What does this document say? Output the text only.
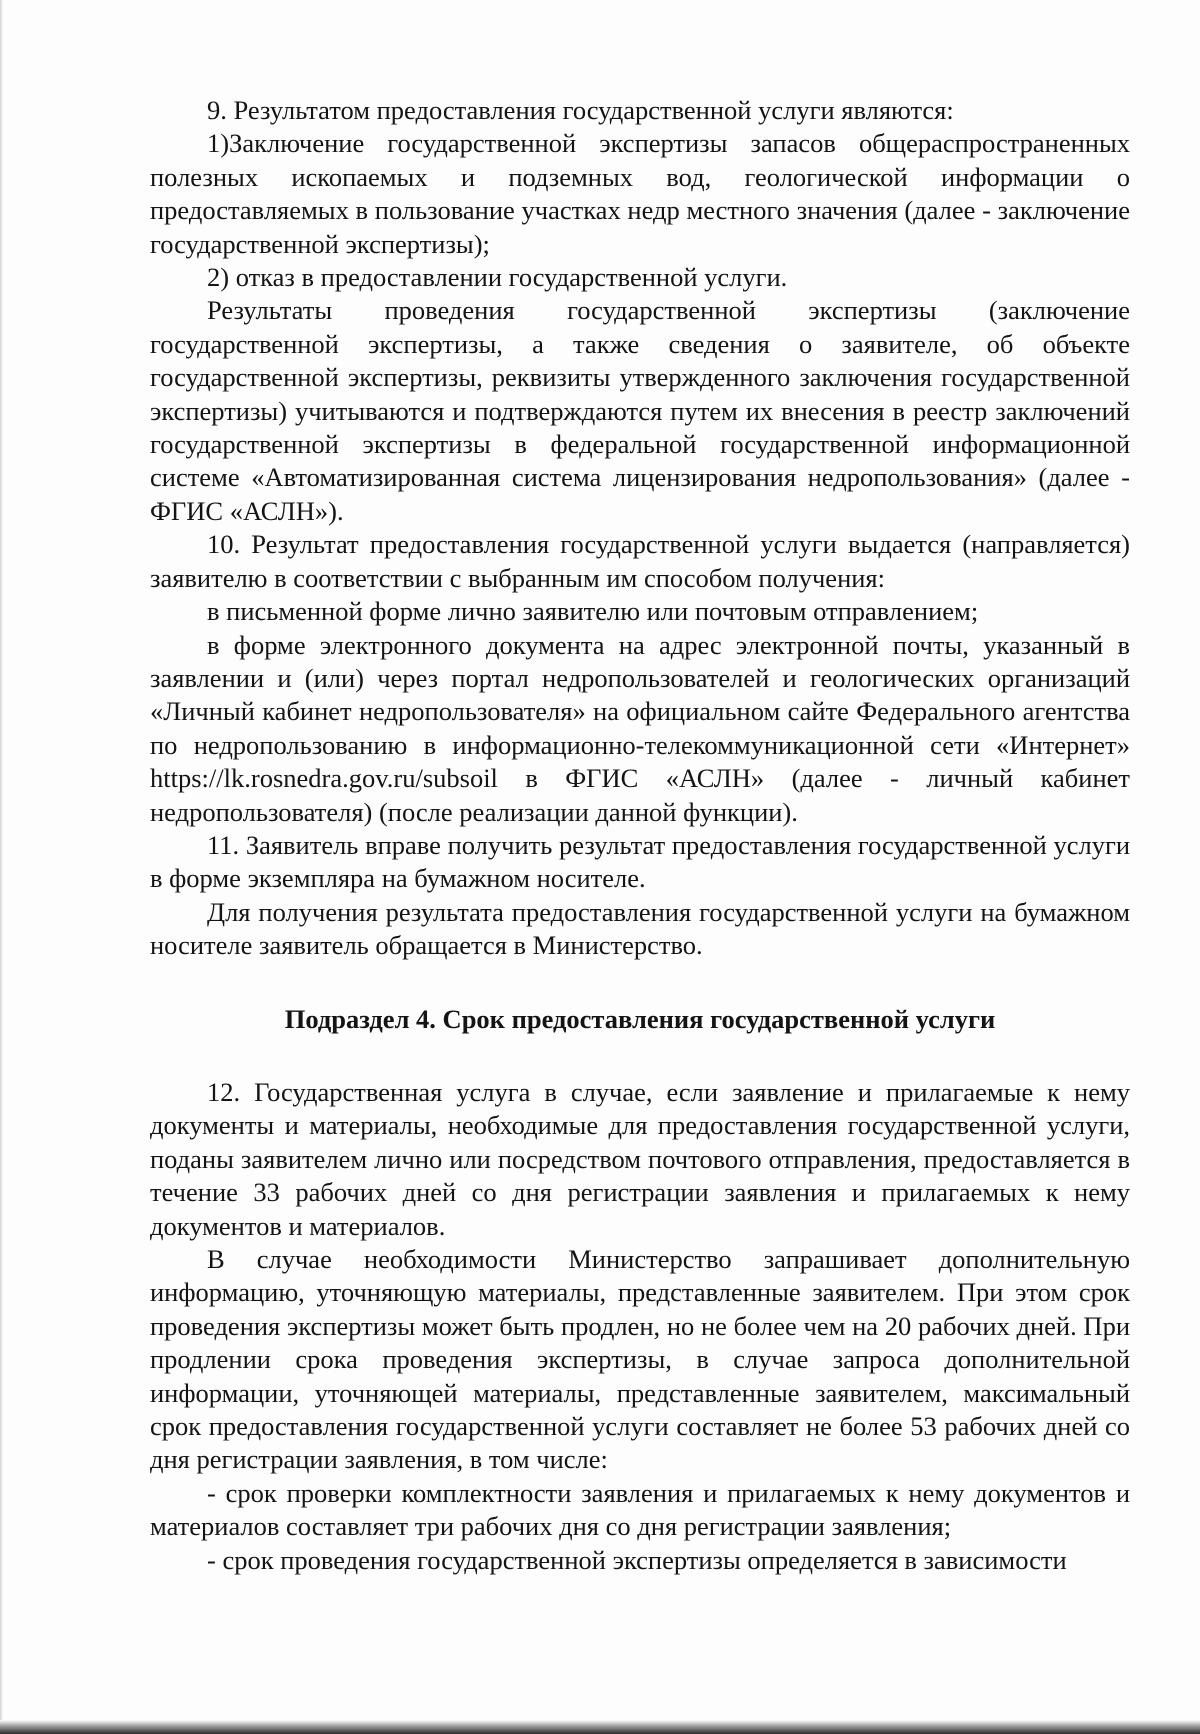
9. Результатом предоставления государственной услуги являются:

1)Заключение государственной экспертизы запасов общераспространенных полезных ископаемых и подземных вод, геологической информации о предоставляемых в пользование участках недр местного значения (далее - заключение государственной экспертизы);

2) отказ в предоставлении государственной услуги.

Результаты проведения государственной экспертизы (заключение государственной экспертизы, а также сведения о заявителе, об объекте государственной экспертизы, реквизиты утвержденного заключения государственной экспертизы) учитываются и подтверждаются путем их внесения в реестр заключений государственной экспертизы в федеральной государственной информационной системе «Автоматизированная система лицензирования недропользования» (далее - ФГИС «АСЛН»).

10. Результат предоставления государственной услуги выдается (направляется) заявителю в соответствии с выбранным им способом получения:

в письменной форме лично заявителю или почтовым отправлением;

в форме электронного документа на адрес электронной почты, указанный в заявлении и (или) через портал недропользователей и геологических организаций «Личный кабинет недропользователя» на официальном сайте Федерального агентства по недропользованию в информационно-телекоммуникационной сети «Интернет» https://lk.rosnedra.gov.ru/subsoil в ФГИС «АСЛН» (далее - личный кабинет недропользователя) (после реализации данной функции).

11. Заявитель вправе получить результат предоставления государственной услуги в форме экземпляра на бумажном носителе.

Для получения результата предоставления государственной услуги на бумажном носителе заявитель обращается в Министерство.

Подраздел 4. Срок предоставления государственной услуги

12. Государственная услуга в случае, если заявление и прилагаемые к нему документы и материалы, необходимые для предоставления государственной услуги, поданы заявителем лично или посредством почтового отправления, предоставляется в течение 33 рабочих дней со дня регистрации заявления и прилагаемых к нему документов и материалов.

В случае необходимости Министерство запрашивает дополнительную информацию, уточняющую материалы, представленные заявителем. При этом срок проведения экспертизы может быть продлен, но не более чем на 20 рабочих дней. При продлении срока проведения экспертизы, в случае запроса дополнительной информации, уточняющей материалы, представленные заявителем, максимальный срок предоставления государственной услуги составляет не более 53 рабочих дней со дня регистрации заявления, в том числе:

- срок проверки комплектности заявления и прилагаемых к нему документов и материалов составляет три рабочих дня со дня регистрации заявления;

- срок проведения государственной экспертизы определяется в зависимости
